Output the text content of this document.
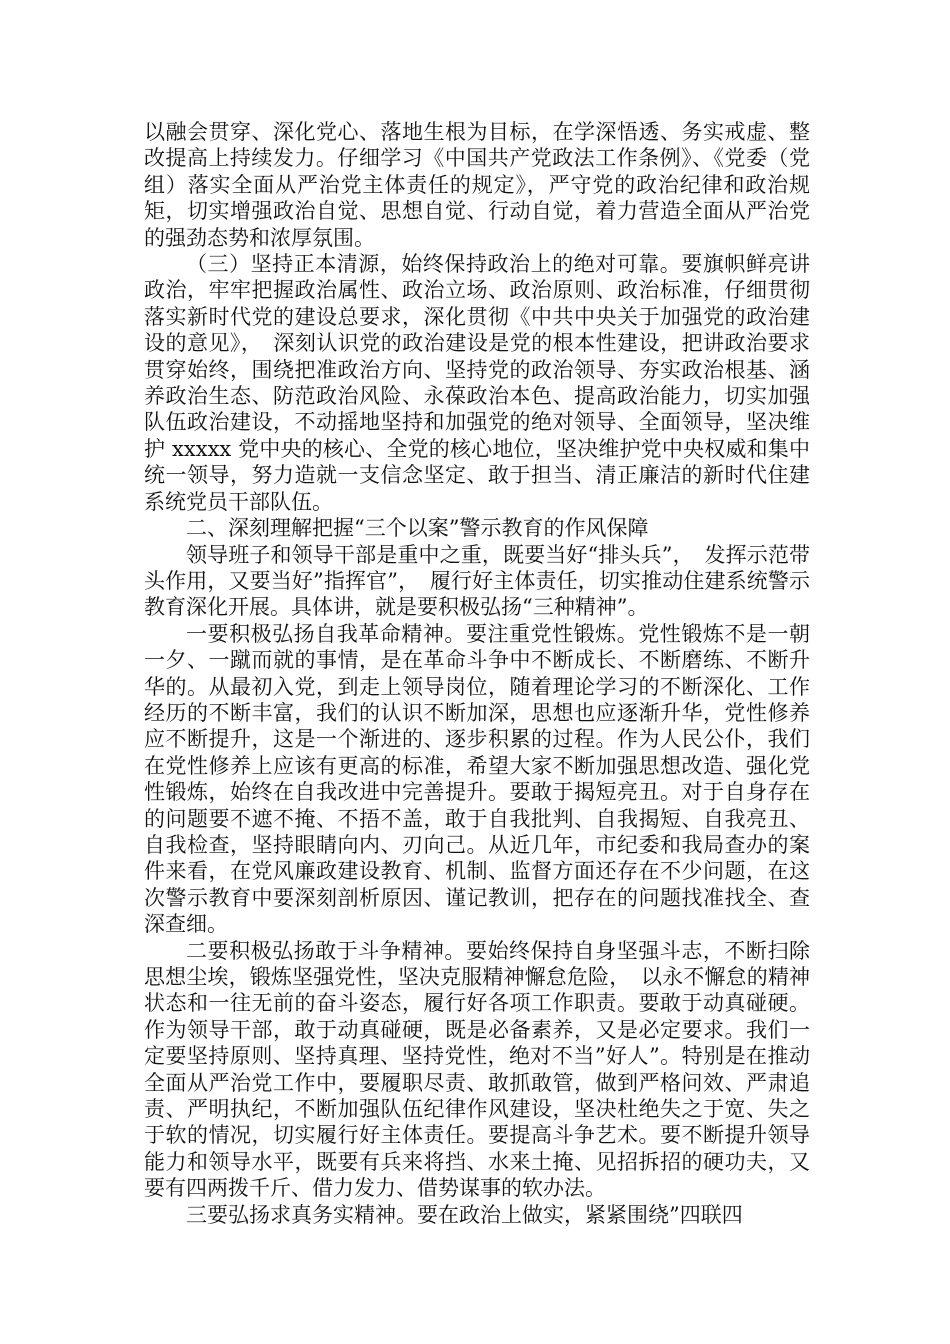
以融会贯穿、深化党心、落地生根为目标，在学深悟透、务实戒虚、整改提高上持续发力。仔细学习《中国共产党政法工作条例》、《党委（党组）落实全面从严治党主体责任的规定》，严守党的政治纪律和政治规矩，切实增强政治自觉、思想自觉、行动自觉，着力营造全面从严治党的强劲态势和浓厚氛围。

（三）坚持正本清源，始终保持政治上的绝对可靠。要旗帜鲜亮讲政治，牢牢把握政治属性、政治立场、政治原则、政治标准，仔细贯彻落实新时代党的建设总要求，深化贯彻《中共中央关于加强党的政治建设的意见》，　深刻认识党的政治建设是党的根本性建设，把讲政治要求贯穿始终，围绕把准政治方向、坚持党的政治领导、夯实政治根基、涵养政治生态、防范政治风险、永葆政治本色、提高政治能力，切实加强队伍政治建设，不动摇地坚持和加强党的绝对领导、全面领导，坚决维护 xxxxx 党中央的核心、全党的核心地位，坚决维护党中央权威和集中统一领导，努力造就一支信念坚定、敢于担当、清正廉洁的新时代住建系统党员干部队伍。

二、深刻理解把握“三个以案”警示教育的作风保障

领导班子和领导干部是重中之重，既要当好“排头兵”，　发挥示范带头作用，又要当好”指挥官”，　履行好主体责任，切实推动住建系统警示教育深化开展。具体讲，就是要积极弘扬“三种精神”。

一要积极弘扬自我革命精神。要注重党性锻炼。党性锻炼不是一朝一夕、一蹴而就的事情，是在革命斗争中不断成长、不断磨练、不断升华的。从最初入党，到走上领导岗位，随着理论学习的不断深化、工作经历的不断丰富，我们的认识不断加深，思想也应逐渐升华，党性修养应不断提升，这是一个渐进的、逐步积累的过程。作为人民公仆，我们在党性修养上应该有更高的标准，希望大家不断加强思想改造、强化党性锻炼，始终在自我改进中完善提升。要敢于揭短亮丑。对于自身存在的问题要不遮不掩、不捂不盖，敢于自我批判、自我揭短、自我亮丑、自我检查，坚持眼睛向内、刃向己。从近几年，市纪委和我局查办的案件来看，在党风廉政建设教育、机制、监督方面还存在不少问题，在这次警示教育中要深刻剖析原因、谨记教训，把存在的问题找准找全、查深查细。

二要积极弘扬敢于斗争精神。要始终保持自身坚强斗志，不断扫除思想尘埃，锻炼坚强党性，坚决克服精神懈怠危险，　以永不懈怠的精神状态和一往无前的奋斗姿态，履行好各项工作职责。要敢于动真碰硬。作为领导干部，敢于动真碰硬，既是必备素养，又是必定要求。我们一定要坚持原则、坚持真理、坚持党性，绝对不当”好人”。特别是在推动全面从严治党工作中，要履职尽责、敢抓敢管，做到严格问效、严肃追责、严明执纪，不断加强队伍纪律作风建设，坚决杜绝失之于宽、失之于软的情况，切实履行好主体责任。要提高斗争艺术。要不断提升领导能力和领导水平，既要有兵来将挡、水来土掩、见招拆招的硬功夫，又要有四两拨千斤、借力发力、借势谋事的软办法。

三要弘扬求真务实精神。要在政治上做实，紧紧围绕”四联四
